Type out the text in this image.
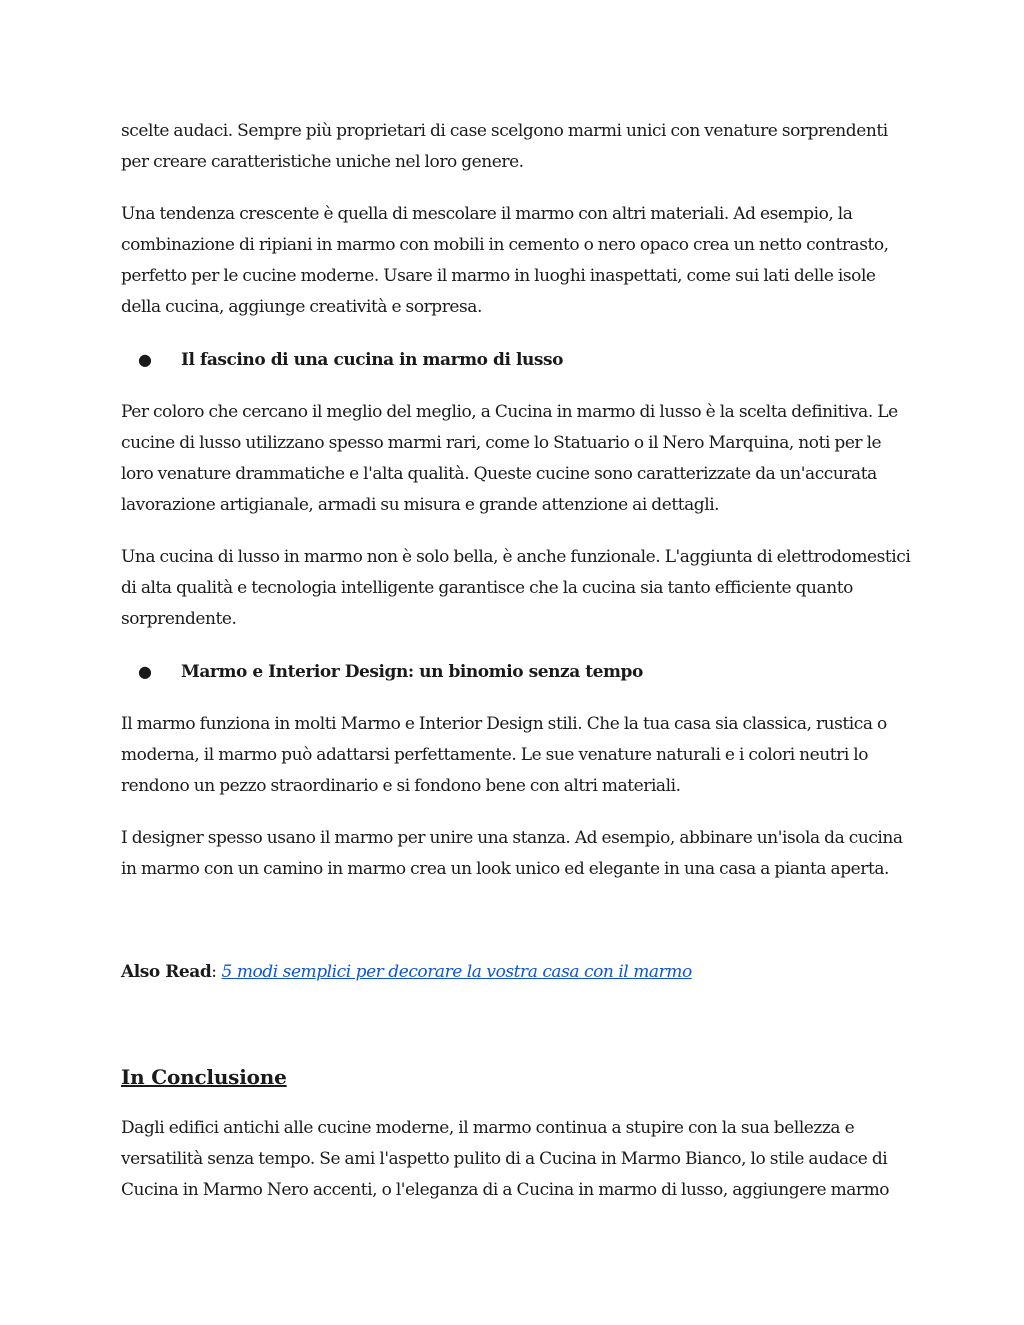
scelte audaci. Sempre più proprietari di case scelgono marmi unici con venature sorprendenti per creare caratteristiche uniche nel loro genere.

Una tendenza crescente è quella di mescolare il marmo con altri materiali. Ad esempio, la combinazione di ripiani in marmo con mobili in cemento o nero opaco crea un netto contrasto, perfetto per le cucine moderne. Usare il marmo in luoghi inaspettati, come sui lati delle isole della cucina, aggiunge creatività e sorpresa.

●	Il fascino di una cucina in marmo di lusso

Per coloro che cercano il meglio del meglio, a Cucina in marmo di lusso è la scelta definitiva. Le cucine di lusso utilizzano spesso marmi rari, come lo Statuario o il Nero Marquina, noti per le loro venature drammatiche e l'alta qualità. Queste cucine sono caratterizzate da un'accurata lavorazione artigianale, armadi su misura e grande attenzione ai dettagli.

Una cucina di lusso in marmo non è solo bella, è anche funzionale. L'aggiunta di elettrodomestici di alta qualità e tecnologia intelligente garantisce che la cucina sia tanto efficiente quanto sorprendente.

●	Marmo e Interior Design: un binomio senza tempo

Il marmo funziona in molti Marmo e Interior Design stili. Che la tua casa sia classica, rustica o moderna, il marmo può adattarsi perfettamente. Le sue venature naturali e i colori neutri lo rendono un pezzo straordinario e si fondono bene con altri materiali.

I designer spesso usano il marmo per unire una stanza. Ad esempio, abbinare un'isola da cucina in marmo con un camino in marmo crea un look unico ed elegante in una casa a pianta aperta.

Also Read: 5 modi semplici per decorare la vostra casa con il marmo
In Conclusione

Dagli edifici antichi alle cucine moderne, il marmo continua a stupire con la sua bellezza e versatilità senza tempo. Se ami l'aspetto pulito di a Cucina in Marmo Bianco, lo stile audace di Cucina in Marmo Nero accenti, o l'eleganza di a Cucina in marmo di lusso, aggiungere marmo
